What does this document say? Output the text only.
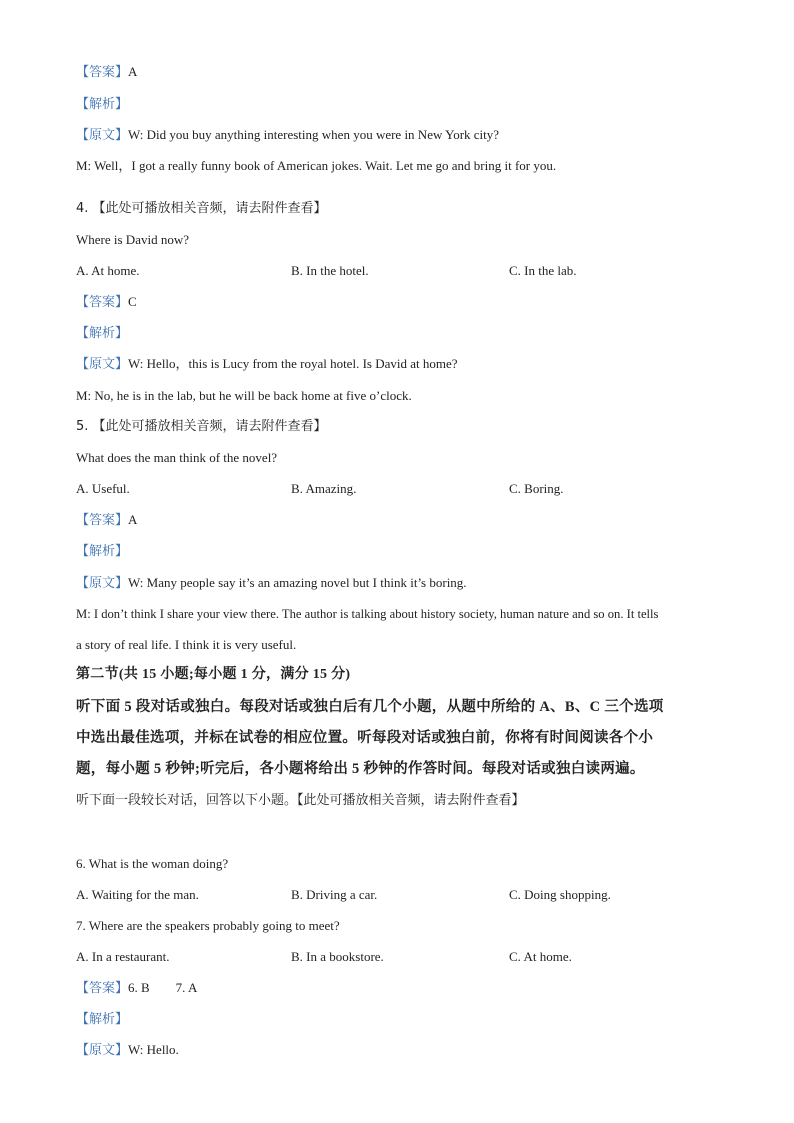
【答案】A
【解析】
【原文】W: Did you buy anything interesting when you were in New York city?
M: Well，I got a really funny book of American jokes. Wait. Let me go and bring it for you.
4. 【此处可播放相关音频，请去附件查看】
Where is David now?
A. At home.	B. In the hotel.	C. In the lab.
【答案】C
【解析】
【原文】W: Hello，this is Lucy from the royal hotel. Is David at home?
M: No, he is in the lab, but he will be back home at five o’clock.
5. 【此处可播放相关音频，请去附件查看】
What does the man think of the novel?
A. Useful.	B. Amazing.	C. Boring.
【答案】A
【解析】
【原文】W: Many people say it’s an amazing novel but I think it’s boring.
M: I don’t think I share your view there. The author is talking about history society, human nature and so on. It tells
a story of real life. I think it is very useful.
第二节(共 15 小题;每小题 1 分，满分 15 分)
听下面 5 段对话或独白。每段对话或独白后有几个小题，从题中所给的 A、B、C 三个选项
中选出最佳选项，并标在试卷的相应位置。听每段对话或独白前，你将有时间阅读各个小
题，每小题 5 秒钟;听完后，各小题将给出 5 秒钟的作答时间。每段对话或独白读两遍。
听下面一段较长对话，回答以下小题。【此处可播放相关音频，请去附件查看】
6. What is the woman doing?
A. Waiting for the man.	B. Driving a car.	C. Doing shopping.
7. Where are the speakers probably going to meet?
A. In a restaurant.	B. In a bookstore.	C. At home.
【答案】6. B        7. A
【解析】
【原文】W: Hello.
